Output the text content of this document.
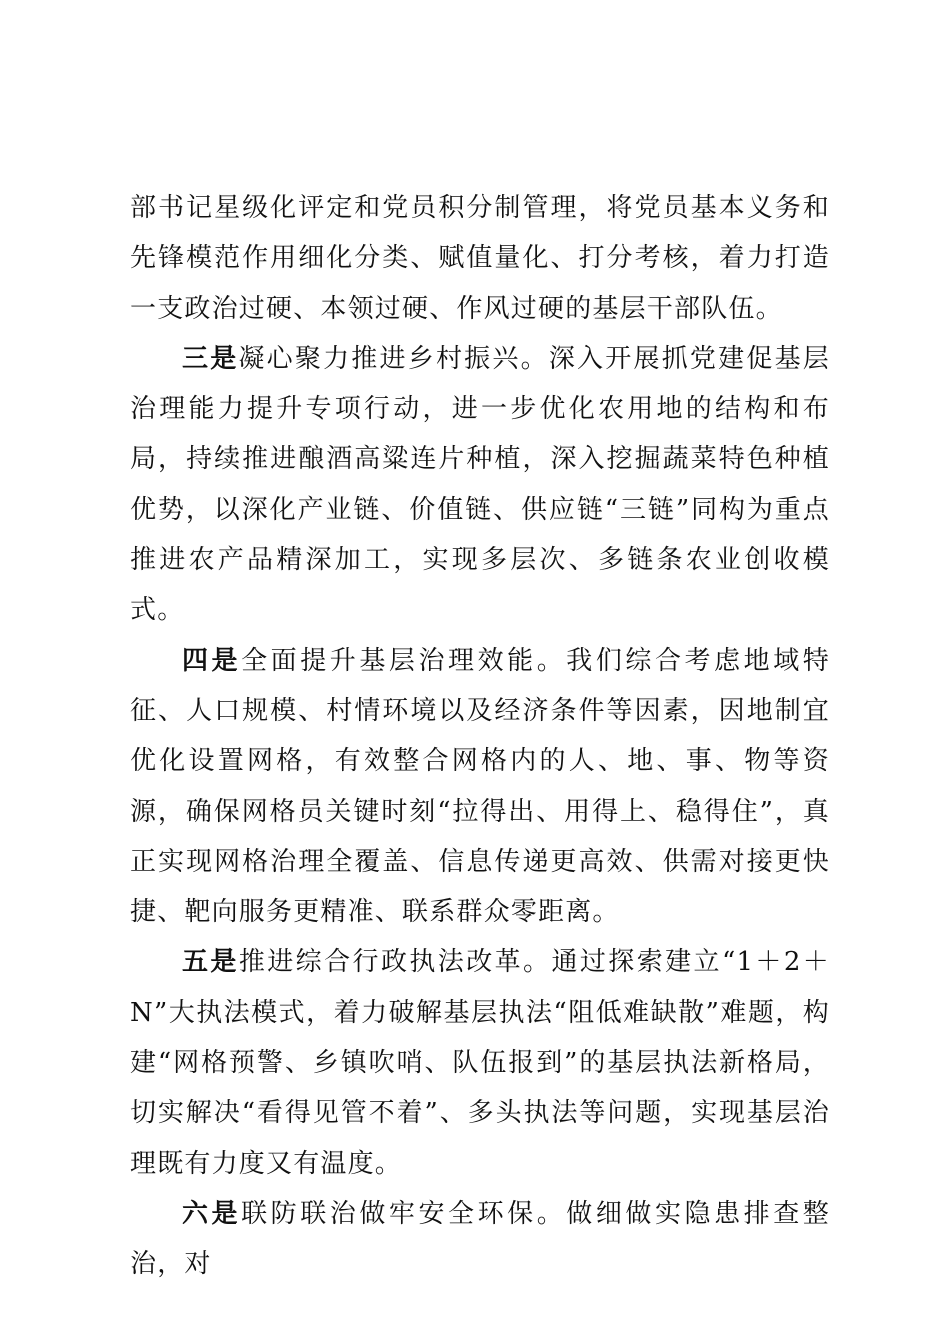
部书记星级化评定和党员积分制管理，将党员基本义务和先锋模范作用细化分类、赋值量化、打分考核，着力打造一支政治过硬、本领过硬、作风过硬的基层干部队伍。

三是凝心聚力推进乡村振兴。深入开展抓党建促基层治理能力提升专项行动，进一步优化农用地的结构和布局，持续推进酿酒高粱连片种植，深入挖掘蔬菜特色种植优势，以深化产业链、价值链、供应链“三链”同构为重点推进农产品精深加工，实现多层次、多链条农业创收模式。

四是全面提升基层治理效能。我们综合考虑地域特征、人口规模、村情环境以及经济条件等因素，因地制宜优化设置网格，有效整合网格内的人、地、事、物等资源，确保网格员关键时刻“拉得出、用得上、稳得住”，真正实现网格治理全覆盖、信息传递更高效、供需对接更快捷、靶向服务更精准、联系群众零距离。

五是推进综合行政执法改革。通过探索建立“1＋2＋N”大执法模式，着力破解基层执法“阻低难缺散”难题，构建“网格预警、乡镇吹哨、队伍报到”的基层执法新格局，切实解决“看得见管不着”、多头执法等问题，实现基层治理既有力度又有温度。

六是联防联治做牢安全环保。做细做实隐患排查整治，对
